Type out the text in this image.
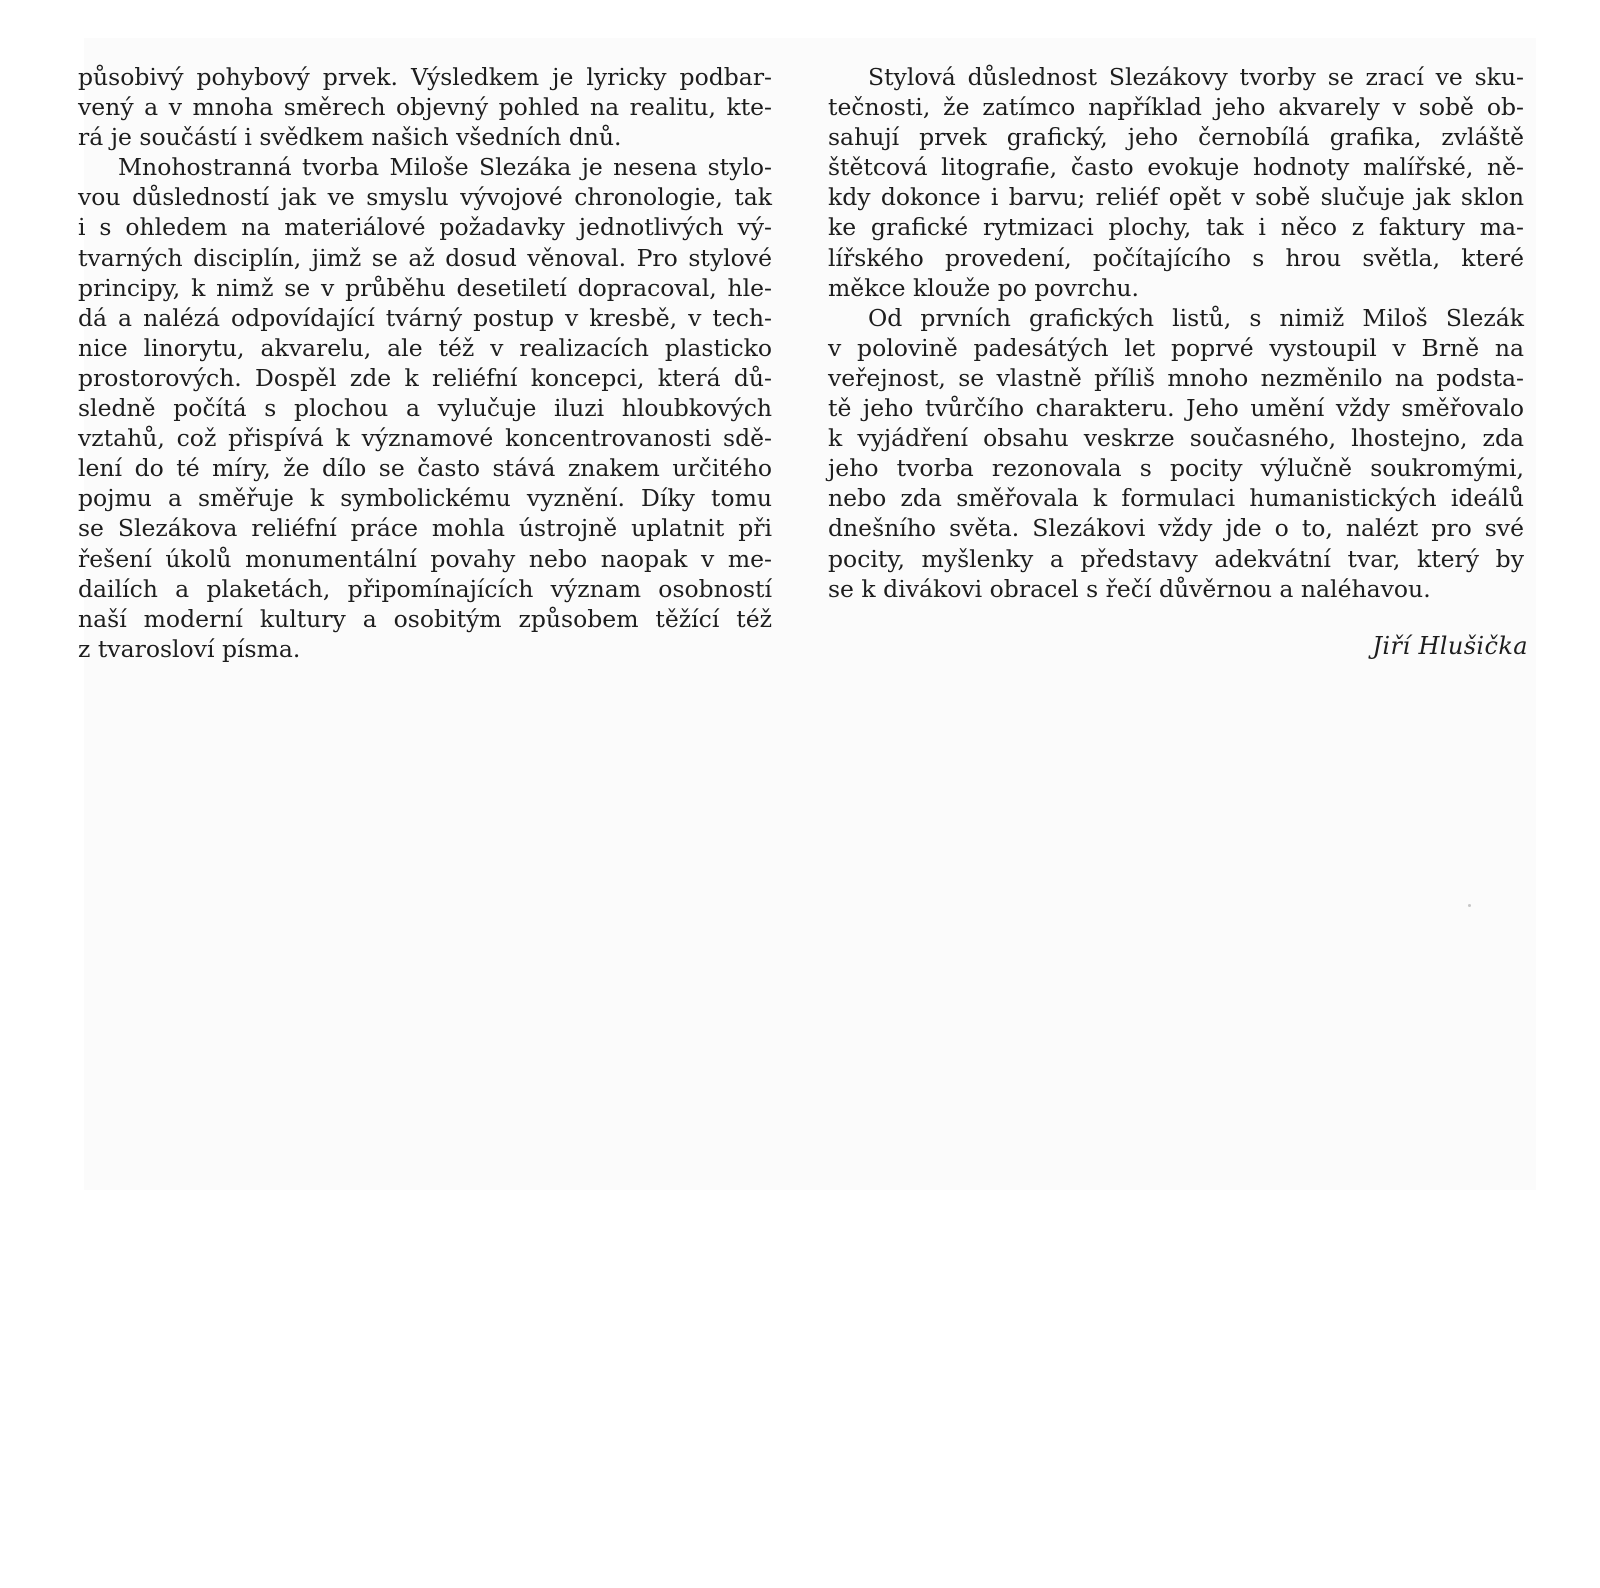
působivý pohybový prvek. Výsledkem je lyricky podbar-
vený a v mnoha směrech objevný pohled na realitu, kte-
rá je součástí i svědkem našich všedních dnů.
Mnohostranná tvorba Miloše Slezáka je nesena stylo-
vou důsledností jak ve smyslu vývojové chronologie, tak
i s ohledem na materiálové požadavky jednotlivých vý-
tvarných disciplín, jimž se až dosud věnoval. Pro stylové
principy, k nimž se v průběhu desetiletí dopracoval, hle-
dá a nalézá odpovídající tvárný postup v kresbě, v tech-
nice linorytu, akvarelu, ale též v realizacích plasticko
prostorových. Dospěl zde k reliéfní koncepci, která dů-
sledně počítá s plochou a vylučuje iluzi hloubkových
vztahů, což přispívá k významové koncentrovanosti sdě-
lení do té míry, že dílo se často stává znakem určitého
pojmu a směřuje k symbolickému vyznění. Díky tomu
se Slezákova reliéfní práce mohla ústrojně uplatnit při
řešení úkolů monumentální povahy nebo naopak v me-
dailích a plaketách, připomínajících význam osobností
naší moderní kultury a osobitým způsobem těžící též
z tvarosloví písma.
Stylová důslednost Slezákovy tvorby se zrací ve sku-
tečnosti, že zatímco například jeho akvarely v sobě ob-
sahují prvek grafický, jeho černobílá grafika, zvláště
štětcová litografie, často evokuje hodnoty malířské, ně-
kdy dokonce i barvu; reliéf opět v sobě slučuje jak sklon
ke grafické rytmizaci plochy, tak i něco z faktury ma-
lířského provedení, počítajícího s hrou světla, které
měkce klouže po povrchu.
Od prvních grafických listů, s nimiž Miloš Slezák
v polovině padesátých let poprvé vystoupil v Brně na
veřejnost, se vlastně příliš mnoho nezměnilo na podsta-
tě jeho tvůrčího charakteru. Jeho umění vždy směřovalo
k vyjádření obsahu veskrze současného, lhostejno, zda
jeho tvorba rezonovala s pocity výlučně soukromými,
nebo zda směřovala k formulaci humanistických ideálů
dnešního světa. Slezákovi vždy jde o to, nalézt pro své
pocity, myšlenky a představy adekvátní tvar, který by
se k divákovi obracel s řečí důvěrnou a naléhavou.
Jiří Hlušička
